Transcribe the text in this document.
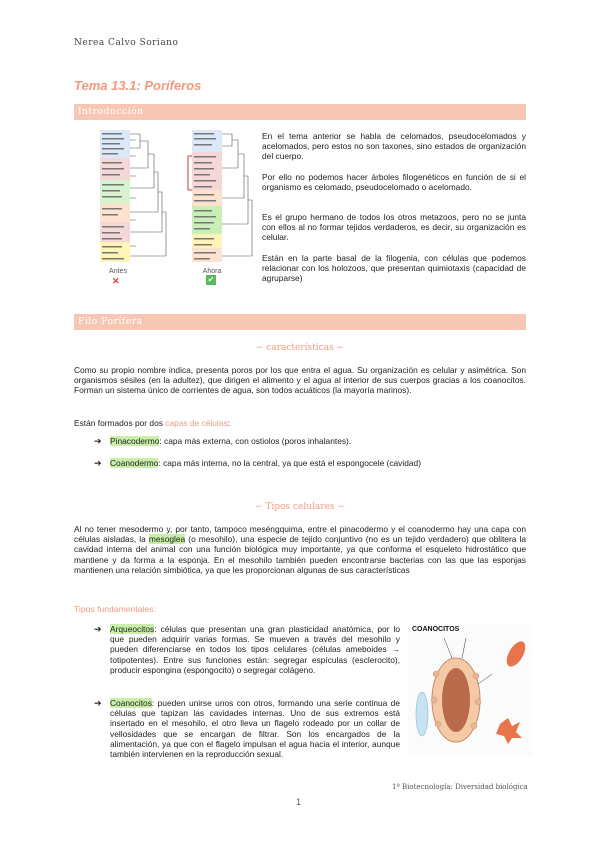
Nerea Calvo Soriano
Tema 13.1: Poríferos
Introducción
Antes
✕
Ahora
✔
En el tema anterior se habla de celomados, pseudocelomados y acelomados, pero estos no son taxones, sino estados de organización del cuerpo.
Por ello no podemos hacer árboles filogenéticos en función de si el organismo es celomado, pseudocelomado o acelomado.
Es el grupo hermano de todos los otros metazoos, pero no se junta con ellos al no formar tejidos verdaderos, es decir, su organización es celular.
Están en la parte basal de la filogenia, con células que podemos relacionar con los holozoos, que presentan quimiotaxis (capacidad de agruparse)
Filo Porífera
∽ características ∽
Como su propio nombre indica, presenta poros por los que entra el agua. Su organización es celular y asimétrica. Son organismos sésiles (en la adultez), que dirigen el alimento y el agua al interior de sus cuerpos gracias a los coanocitos. Forman un sistema único de corrientes de agua, son todos acuáticos (la mayoría marinos).
Están formados por dos capas de células:
➔	Pinacodermo: capa más externa, con ostiolos (poros inhalantes).
➔	Coanodermo: capa más interna, no la central, ya que está el espongocele (cavidad)
∽ Tipos celulares ∽
Al no tener mesodermo y, por tanto, tampoco meséngquima, entre el pinacodermo y el coanodermo hay una capa con células aisladas, la mesoglea (o mesohilo), una especie de tejido conjuntivo (no es un tejido verdadero) que oblitera la cavidad interna del animal con una función biológica muy importante, ya que conforma el esqueleto hidrostático que mantiene y da forma a la esponja. En el mesohilo también pueden encontrarse bacterias con las que las esponjas mantienen una relación simbiótica, ya que les proporcionan algunas de sus características
Tipos fundamentales:
➔	Arqueocitos: células que presentan una gran plasticidad anatómica, por lo que pueden adquirir varias formas. Se mueven a través del mesohilo y pueden diferenciarse en todos los tipos celulares (células ameboides → totipotentes). Entre sus funciones están: segregar espículas (esclerocito), producir espongina (espongocito) o segregar colágeno.
➔	Coanocitos: pueden unirse unos con otros, formando una serie continua de células que tapizan las cavidades internas. Uno de sus extremos está insertado en el mesohilo, el otro lleva un flagelo rodeado por un collar de vellosidades que se encargan de filtrar. Son los encargados de la alimentación, ya que con el flagelo impulsan el agua hacia el interior, aunque también intervienen en la reproducción sexual.
COANOCITOS
1º Biotecnología: Diversidad biológica
1
